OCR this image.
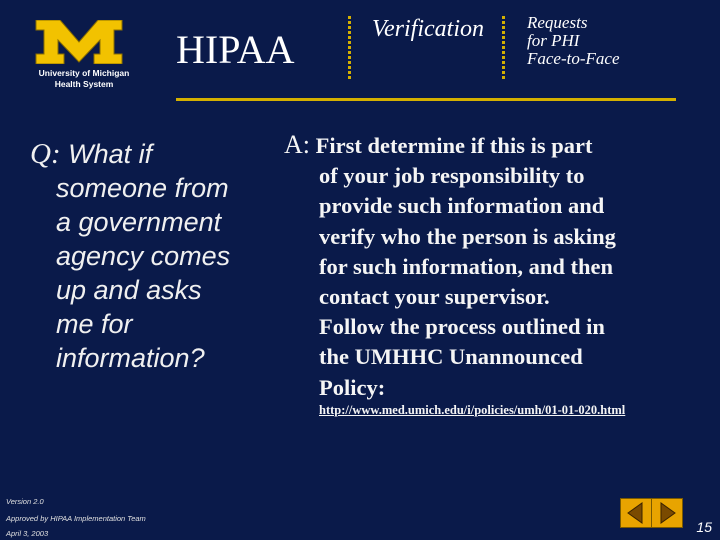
University of Michigan
Health System
HIPAA	Verification	Requests
for PHI
Face-to-Face
Q: What if
someone from
a government
agency comes
up and asks
me for
information?
A: First determine if this is part
of your job responsibility to
provide such information and
verify who the person is asking
for such information, and then
contact your supervisor.
Follow the process outlined in
the UMHHC Unannounced
Policy:
http://www.med.umich.edu/i/policies/umh/01-01-020.html
Version 2.0
Approved by HIPAA Implementation Team
April 3, 2003	15
